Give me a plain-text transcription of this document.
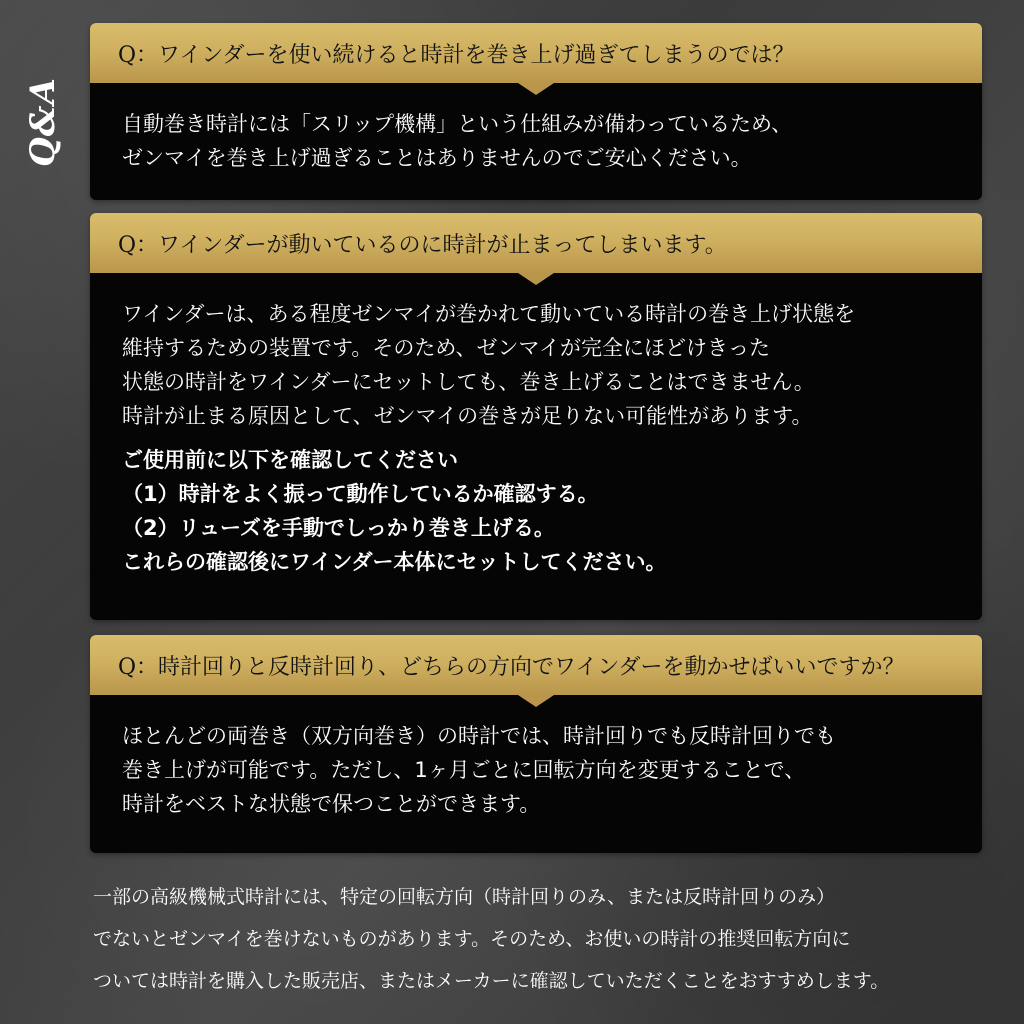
Q&A
Q：ワインダーを使い続けると時計を巻き上げ過ぎてしまうのでは？
自動巻き時計には「スリップ機構」という仕組みが備わっているため、
ゼンマイを巻き上げ過ぎることはありませんのでご安心ください。
Q：ワインダーが動いているのに時計が止まってしまいます。
ワインダーは、ある程度ゼンマイが巻かれて動いている時計の巻き上げ状態を
維持するための装置です。そのため、ゼンマイが完全にほどけきった
状態の時計をワインダーにセットしても、巻き上げることはできません。
時計が止まる原因として、ゼンマイの巻きが足りない可能性があります。
ご使用前に以下を確認してください
（1）時計をよく振って動作しているか確認する。
（2）リューズを手動でしっかり巻き上げる。
これらの確認後にワインダー本体にセットしてください。
Q：時計回りと反時計回り、どちらの方向でワインダーを動かせばいいですか？
ほとんどの両巻き（双方向巻き）の時計では、時計回りでも反時計回りでも
巻き上げが可能です。ただし、1ヶ月ごとに回転方向を変更することで、
時計をベストな状態で保つことができます。
一部の高級機械式時計には、特定の回転方向（時計回りのみ、または反時計回りのみ）
でないとゼンマイを巻けないものがあります。そのため、お使いの時計の推奨回転方向に
ついては時計を購入した販売店、またはメーカーに確認していただくことをおすすめします。
